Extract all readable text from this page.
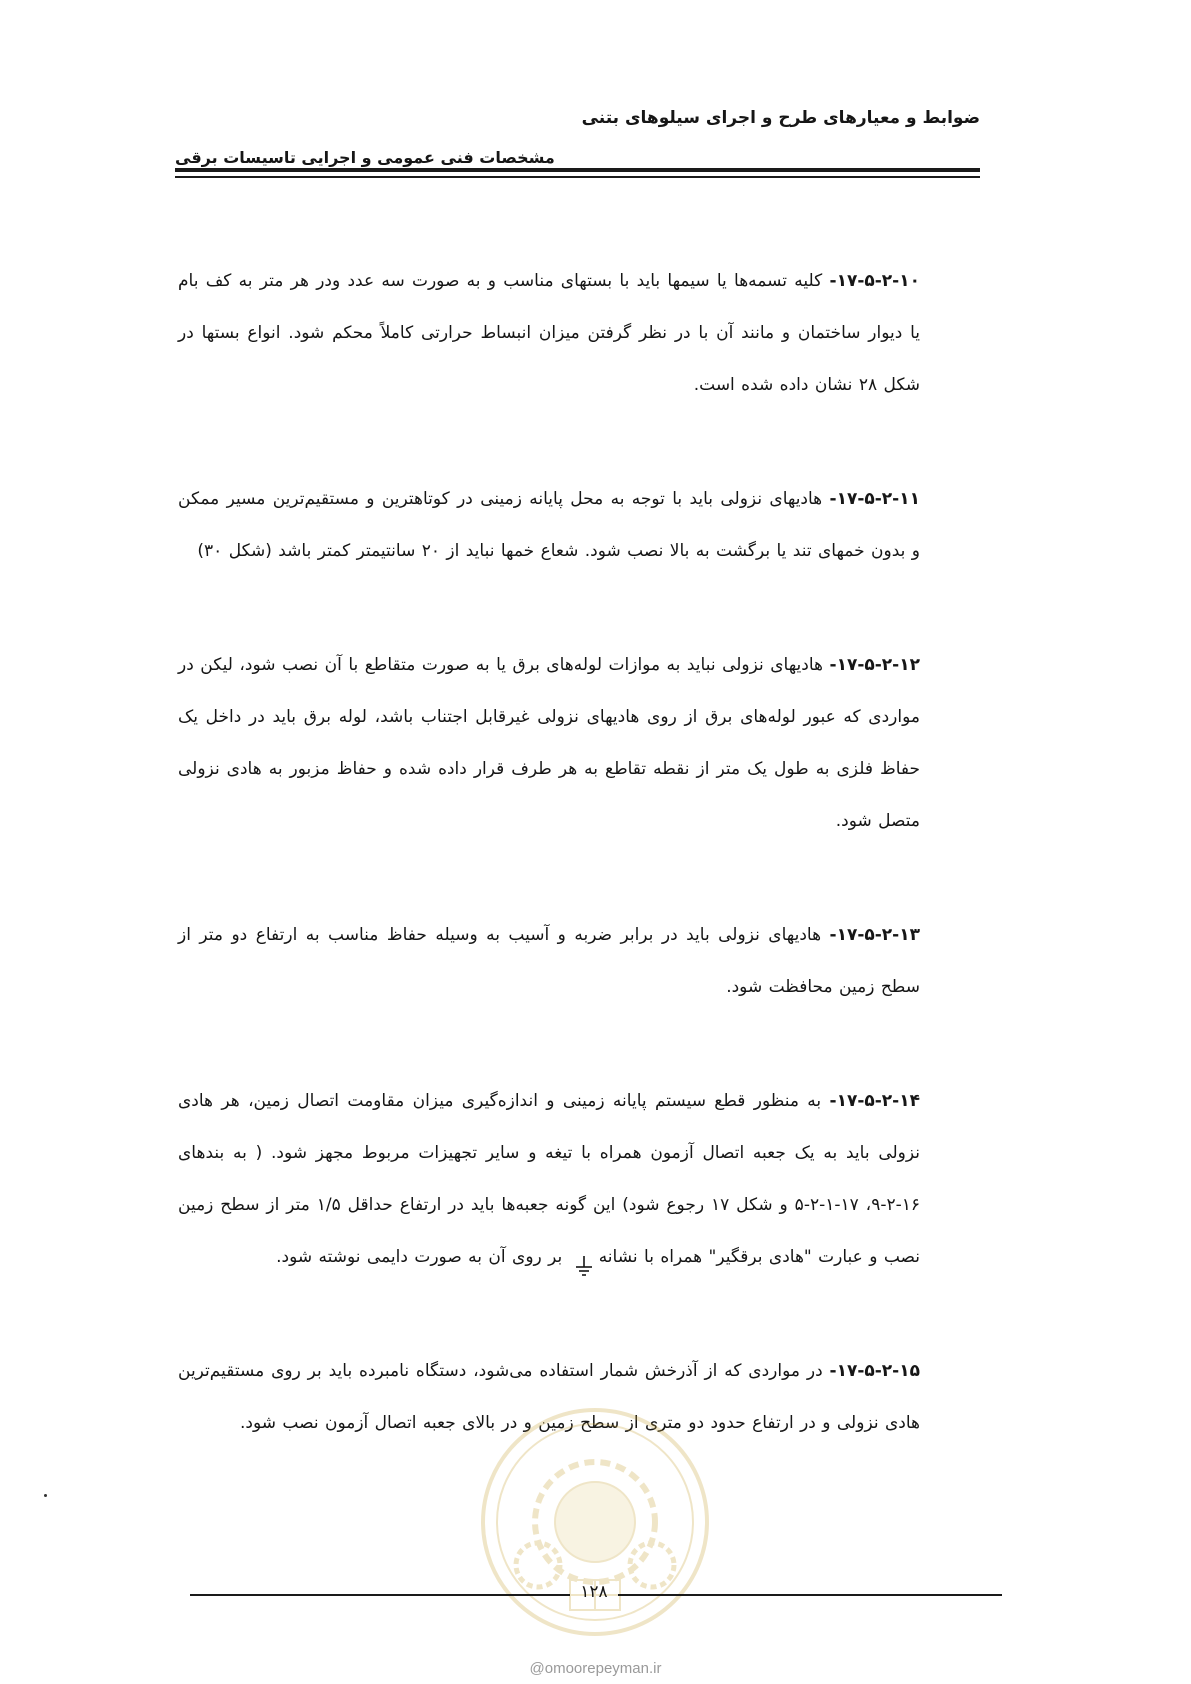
ضوابط و معیارهای طرح و اجرای سیلوهای بتنی
مشخصات فنی عمومی و اجرایی تاسیسات برقی

۱۷-۵-۲-۱۰- کلیه تسمه‌ها یا سیمها باید با بستهای مناسب و به صورت سه عدد ودر هر متر به کف بام یا دیوار ساختمان و مانند آن با در نظر گرفتن میزان انبساط حرارتی کاملاً محکم شود. انواع بستها در شکل ۲۸ نشان داده شده است.

۱۷-۵-۲-۱۱- هادیهای نزولی باید با توجه به محل پایانه زمینی در کوتاهترین و مستقیم‌ترین مسیر ممکن و بدون خمهای تند یا برگشت به بالا نصب شود. شعاع خمها نباید از ۲۰ سانتیمتر کمتر باشد (شکل ۳۰)

۱۷-۵-۲-۱۲- هادیهای نزولی نباید به موازات لوله‌های برق یا به صورت متقاطع با آن نصب شود، لیکن در مواردی که عبور لوله‌های برق از روی هادیهای نزولی غیرقابل اجتناب باشد، لوله برق باید در داخل یک حفاظ فلزی به طول یک متر از نقطه تقاطع به هر طرف قرار داده شده و حفاظ مزبور به هادی نزولی متصل شود.

۱۷-۵-۲-۱۳- هادیهای نزولی باید در برابر ضربه و آسیب به وسیله حفاظ مناسب به ارتفاع دو متر از سطح زمین محافظت شود.

۱۷-۵-۲-۱۴- به منظور قطع سیستم پایانه زمینی و اندازه‌گیری میزان مقاومت اتصال زمین، هر هادی نزولی باید به یک جعبه اتصال آزمون همراه با تیغه و سایر تجهیزات مربوط مجهز شود. ( به بندهای ۱۶-۲-۹، ۱۷-۱-۲-۵ و شکل ۱۷ رجوع شود) این گونه جعبه‌ها باید در ارتفاع حداقل ۱/۵ متر از سطح زمین نصب و عبارت "هادی برقگیر" همراه با نشانه بر روی آن به صورت دایمی نوشته شود.

۱۷-۵-۲-۱۵- در مواردی که از آذرخش شمار استفاده می‌شود، دستگاه نامبرده باید بر روی مستقیم‌ترین هادی نزولی و در ارتفاع حدود دو متری از سطح زمین و در بالای جعبه اتصال آزمون نصب شود.

۱۲۸
@omoorepeyman.ir
